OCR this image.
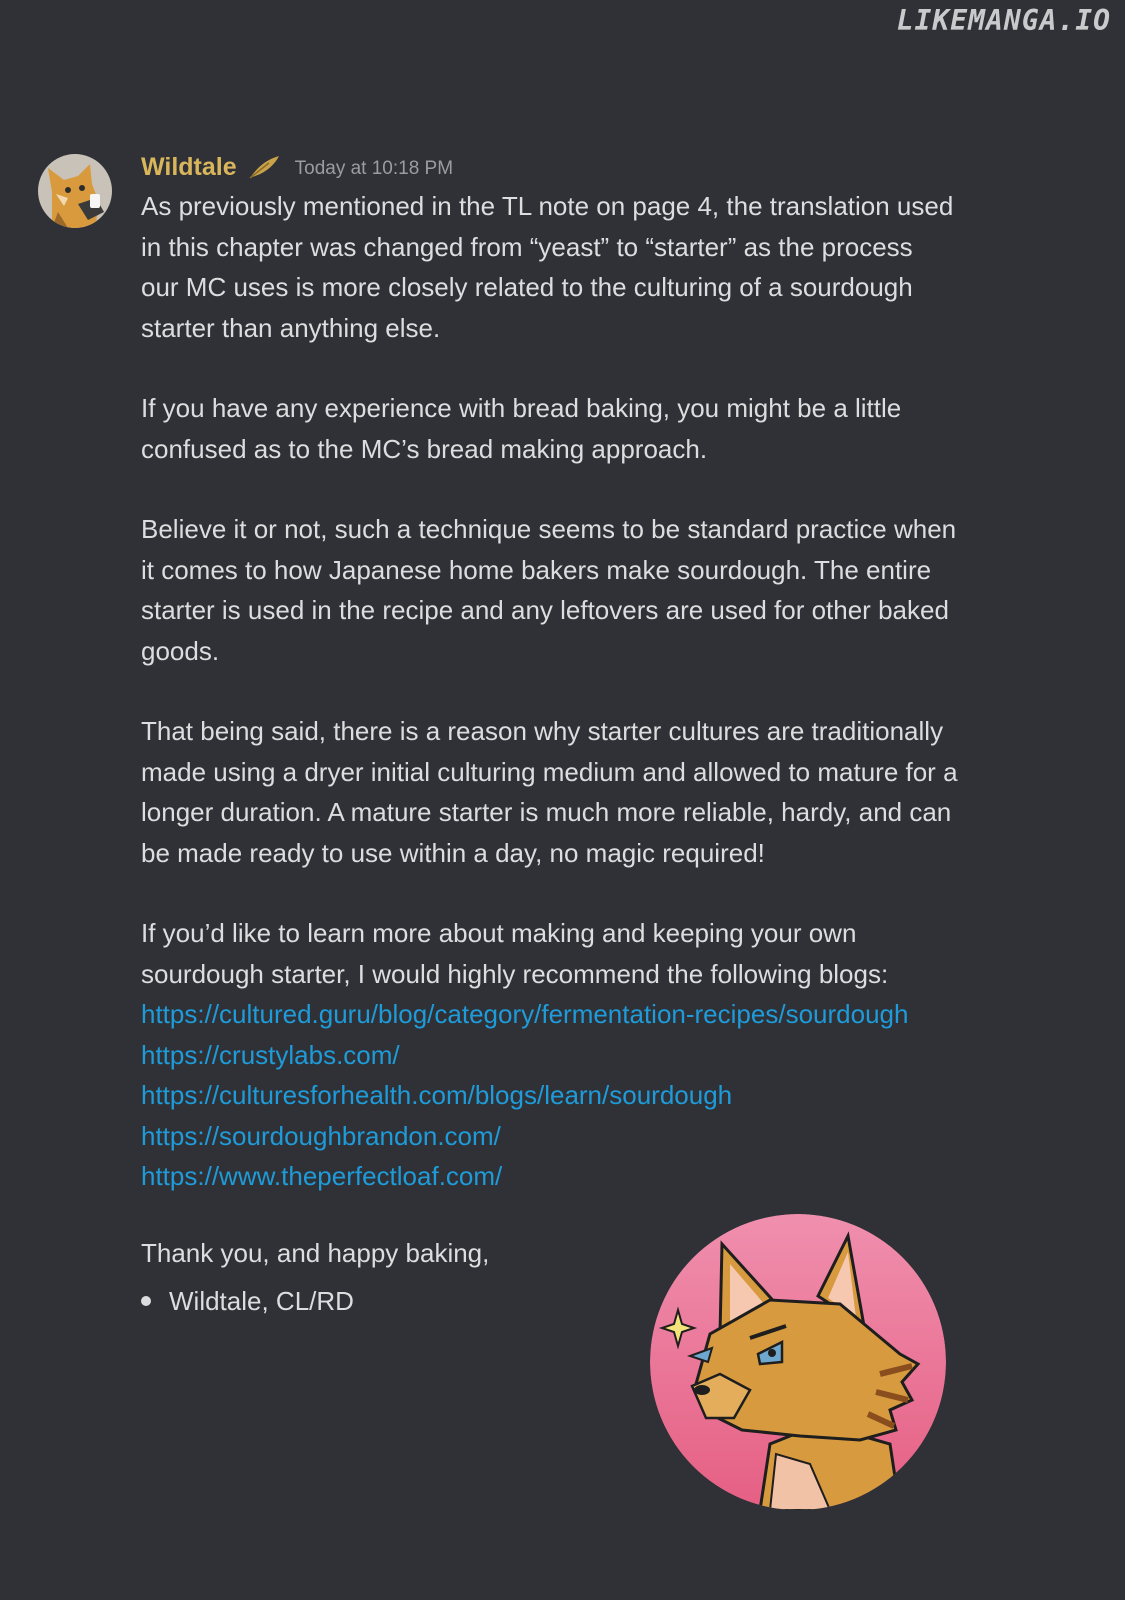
LIKEMANGA.IO
Wildtale	Today at 10:18 PM

As previously mentioned in the TL note on page 4, the translation used
in this chapter was changed from “yeast” to “starter” as the process
our MC uses is more closely related to the culturing of a sourdough
starter than anything else.

If you have any experience with bread baking, you might be a little
confused as to the MC’s bread making approach.

Believe it or not, such a technique seems to be standard practice when
it comes to how Japanese home bakers make sourdough. The entire
starter is used in the recipe and any leftovers are used for other baked
goods.

That being said, there is a reason why starter cultures are traditionally
made using a dryer initial culturing medium and allowed to mature for a
longer duration. A mature starter is much more reliable, hardy, and can
be made ready to use within a day, no magic required!

If you’d like to learn more about making and keeping your own
sourdough starter, I would highly recommend the following blogs:

https://cultured.guru/blog/category/fermentation-recipes/sourdough
https://crustylabs.com/
https://culturesforhealth.com/blogs/learn/sourdough
https://sourdoughbrandon.com/
https://www.theperfectloaf.com/
Thank you, and happy baking,
Wildtale, CL/RD
